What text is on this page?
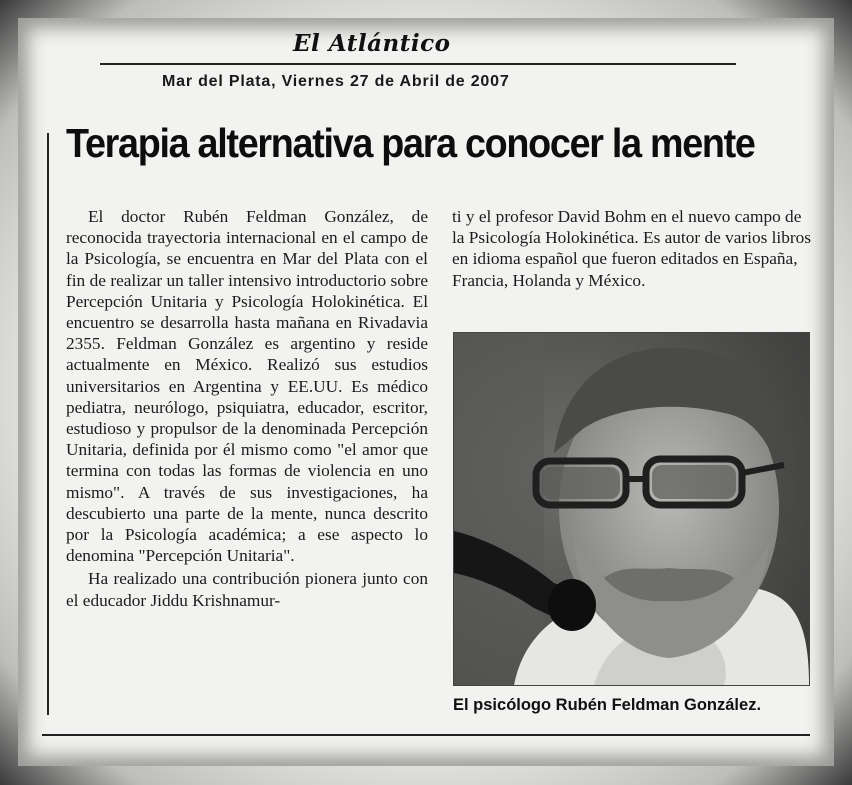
El Atlántico
Mar del Plata, Viernes 27 de Abril de 2007
Terapia alternativa para conocer la mente

El doctor Rubén Feldman González, de reconocida trayectoria internacional en el campo de la Psicología, se encuentra en Mar del Plata con el fin de realizar un taller intensivo introductorio sobre Percepción Unitaria y Psicología Holokinética. El encuentro se desarrolla hasta mañana en Rivadavia 2355. Feldman González es argentino y reside actualmente en México. Realizó sus estudios universitarios en Argentina y EE.UU. Es médico pediatra, neurólogo, psiquiatra, educador, escritor, estudioso y propulsor de la denominada Percepción Unitaria, definida por él mismo como "el amor que termina con todas las formas de violencia en uno mismo". A través de sus investigaciones, ha descubierto una parte de la mente, nunca descrito por la Psicología académica; a ese aspecto lo denomina "Percepción Unitaria".

Ha realizado una contribución pionera junto con el educador Jiddu Krishnamur-

ti y el profesor David Bohm en el nuevo campo de la Psicología Holokinética. Es autor de varios libros en idioma español que fueron editados en España, Francia, Holanda y México.

El psicólogo Rubén Feldman González.
